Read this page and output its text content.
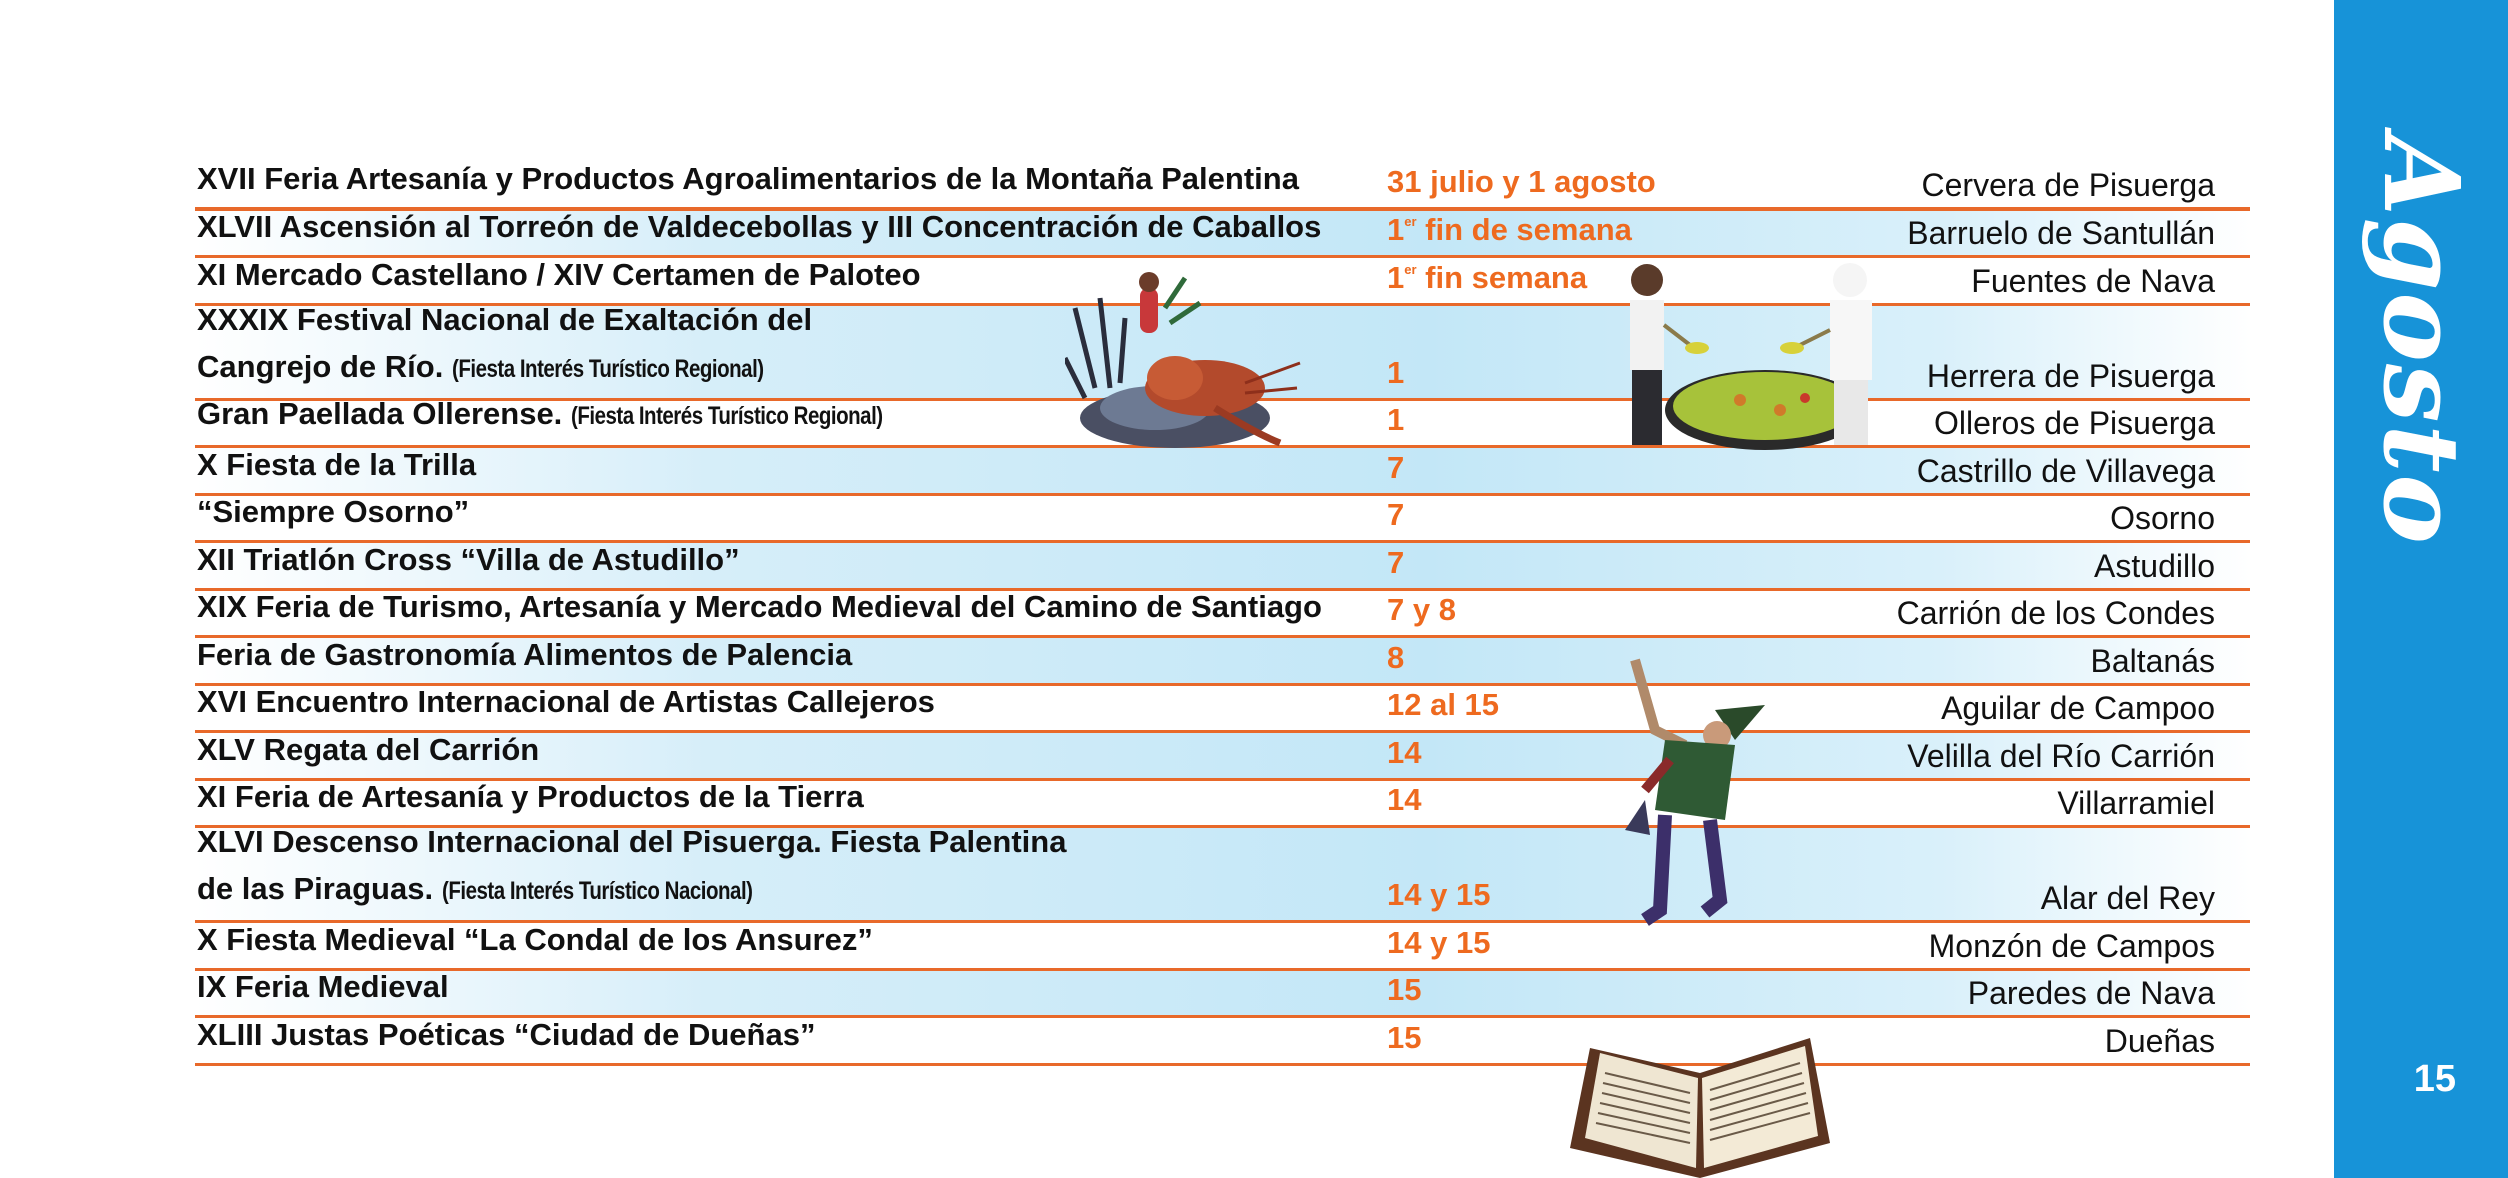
Agosto
15
XVII Feria Artesanía y Productos Agroalimentarios de la Montaña Palentina	31 julio y 1 agosto	Cervera de Pisuerga
XLVII Ascensión al Torreón de Valdecebollas y III Concentración de Caballos	1er fin de semana	Barruelo de Santullán
XI Mercado Castellano / XIV Certamen de Paloteo	1er fin semana	Fuentes de Nava
XXXIX Festival Nacional de Exaltación del
Cangrejo de Río. (Fiesta Interés Turístico Regional)	1	Herrera de Pisuerga
Gran Paellada Ollerense. (Fiesta Interés Turístico Regional)	1	Olleros de Pisuerga
X Fiesta de la Trilla	7	Castrillo de Villavega
“Siempre Osorno”	7	Osorno
XII Triatlón Cross “Villa de Astudillo”	7	Astudillo
XIX Feria de Turismo, Artesanía y Mercado Medieval del Camino de Santiago	7 y 8	Carrión de los Condes
Feria de Gastronomía Alimentos de Palencia	8	Baltanás
XVI Encuentro Internacional de Artistas Callejeros	12 al 15	Aguilar de Campoo
XLV Regata del Carrión	14	Velilla del Río Carrión
XI Feria de Artesanía y Productos de la Tierra	14	Villarramiel
XLVI Descenso Internacional del Pisuerga. Fiesta Palentina
de las Piraguas. (Fiesta Interés Turístico Nacional)	14 y 15	Alar del Rey
X Fiesta Medieval “La Condal de los Ansurez”	14 y 15	Monzón de Campos
IX Feria Medieval	15	Paredes de Nava
XLIII Justas Poéticas “Ciudad de Dueñas”	15	Dueñas
